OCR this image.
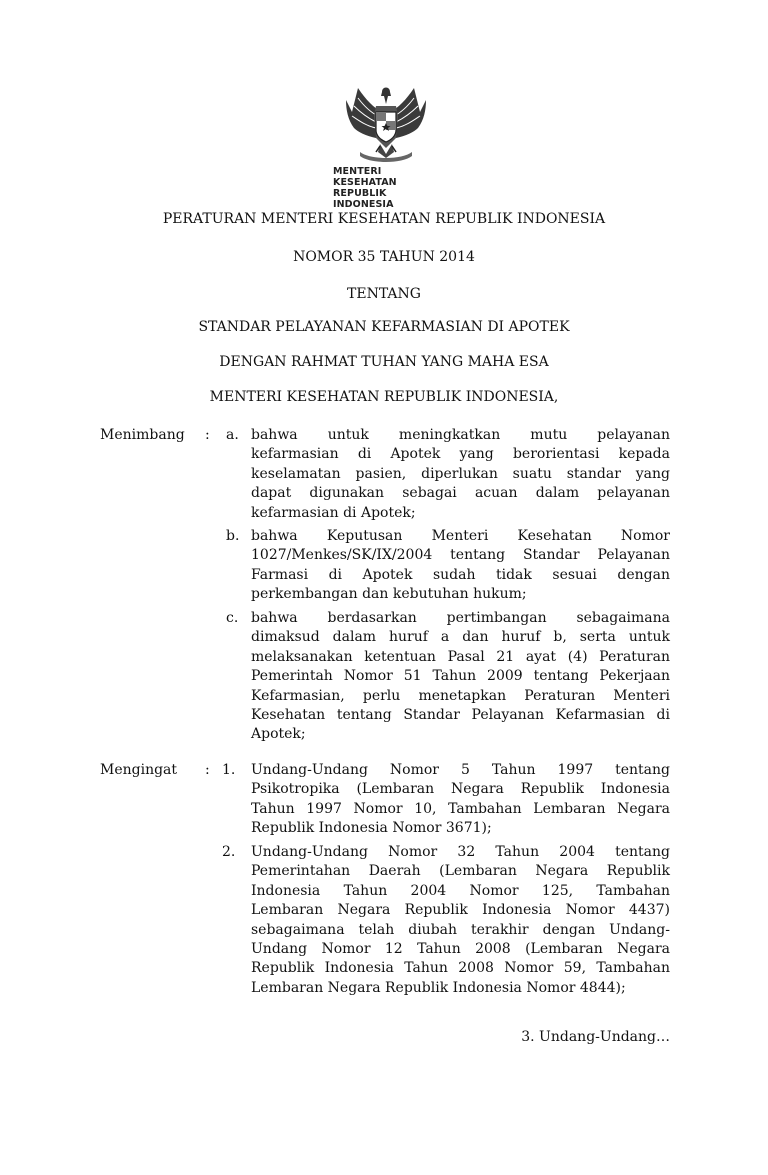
MENTERI KESEHATAN
REPUBLIK INDONESIA
PERATURAN MENTERI KESEHATAN REPUBLIK INDONESIA
NOMOR 35 TAHUN 2014
TENTANG
STANDAR PELAYANAN KEFARMASIAN DI APOTEK
DENGAN RAHMAT TUHAN YANG MAHA ESA
MENTERI KESEHATAN REPUBLIK INDONESIA,
Menimbang : a. bahwa untuk meningkatkan mutu pelayanan
kefarmasian di Apotek yang berorientasi kepada
keselamatan pasien, diperlukan suatu standar yang
dapat digunakan sebagai acuan dalam pelayanan
kefarmasian di Apotek;
b. bahwa Keputusan Menteri Kesehatan Nomor
1027/Menkes/SK/IX/2004 tentang Standar Pelayanan
Farmasi di Apotek sudah tidak sesuai dengan
perkembangan dan kebutuhan hukum;
c. bahwa berdasarkan pertimbangan sebagaimana
dimaksud dalam huruf a dan huruf b, serta untuk
melaksanakan ketentuan Pasal 21 ayat (4) Peraturan
Pemerintah Nomor 51 Tahun 2009 tentang Pekerjaan
Kefarmasian, perlu menetapkan Peraturan Menteri
Kesehatan tentang Standar Pelayanan Kefarmasian di
Apotek;
Mengingat : 1. Undang-Undang Nomor 5 Tahun 1997 tentang
Psikotropika (Lembaran Negara Republik Indonesia
Tahun 1997 Nomor 10, Tambahan Lembaran Negara
Republik Indonesia Nomor 3671);
2. Undang-Undang Nomor 32 Tahun 2004 tentang
Pemerintahan Daerah (Lembaran Negara Republik
Indonesia Tahun 2004 Nomor 125, Tambahan
Lembaran Negara Republik Indonesia Nomor 4437)
sebagaimana telah diubah terakhir dengan Undang-
Undang Nomor 12 Tahun 2008 (Lembaran Negara
Republik Indonesia Tahun 2008 Nomor 59, Tambahan
Lembaran Negara Republik Indonesia Nomor 4844);
3. Undang-Undang…
